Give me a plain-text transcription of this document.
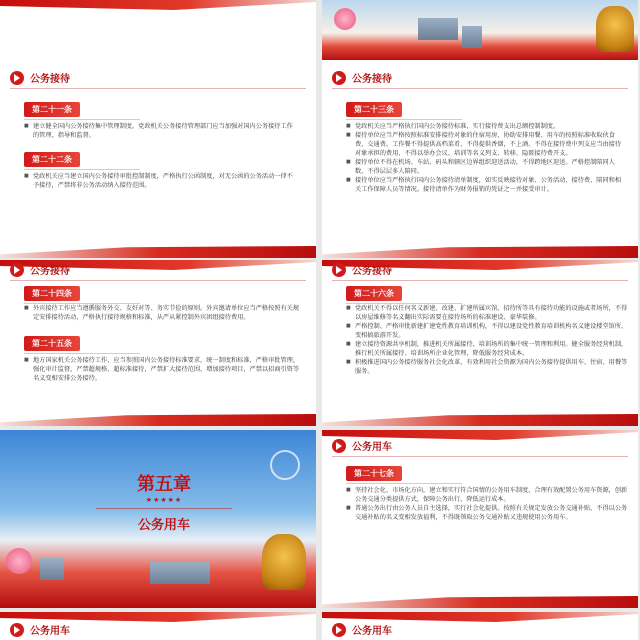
公务接待
第二十一条
■ 建立健全国内公务接待集中管理制度。党政机关公务接待管理部门应当加强对国内公务接待工作的管理、指导和监督。
第二十二条
■ 党政机关应当建立国内公务接待审批控制制度，严格执行公函制度，对无公函的公务活动一律不予接待，严禁将非公务活动纳入接待范围。
公务接待
第二十三条
■ 党政机关应当严格执行国内公务接待标准，实行接待费支出总额控制制度。
■ 接待单位应当严格按照标准安排接待对象的住宿用房，协助安排用餐、用车的按照标准收取伙食费、交通费。工作餐不得提供高档菜肴，不得提供香烟，不上酒。不得在接待费中列支应当由接待对象承担的费用，不得以举办会议、培训等名义列支、转移、隐匿接待费开支。
■ 接待单位不得在机场、车站、码头和辖区边界组织迎送活动，不得跨地区迎送。严格控制陪同人数，不得层层多人陪同。
■ 接待单位应当严格执行国内公务接待清单制度，如实反映接待对象、公务活动、接待费、陪同和相关工作保障人员等情况。接待清单作为财务报销的凭证之一并接受审计。
公务接待
第二十四条
■ 外宾接待工作应当遵循服务外交、友好对等、务实节俭的原则。外宾邀请单位应当严格按照有关规定安排接待活动，严格执行接待规格和标准，从严从紧控制外宾团组接待费用。
第二十五条
■ 地方国家机关公务接待工作，应当参照国内公务接待标准要求，统一制度和标准，严格审批管理，强化审计监督，严禁超规格、超标准接待，严禁扩大接待范围、增加接待项目，严禁以招商引资等名义变相安排公务接待。
公务接待
第二十六条
■ 党政机关不得以任何名义新建、改建、扩建所属宾馆、招待所等具有接待功能的设施或者场所，不得以房屋维修等名义翻出实际需要在接待场所的标准建设、豪华装修。
■ 严格控制、严格审批新建扩建党性教育培训机构，不得以建设党性教育培训机构名义建设楼堂馆所、变相搞旅游开发。
■ 建立接待资源共享机制，推进机关所属接待、培训场所的集中统一管理和利用。健全服务经营机制，推行机关所属接待、培训场所企业化管理，降低服务经营成本。
■ 积极推进国内公务接待服务社会化改革，有效利用社会资源为国内公务接待提供用车、住宿、用餐等服务。
第五章
★★★★★
公务用车
公务用车
第二十七条
■ 坚持社会化、市场化方向，建立和实行符合国情的公务用车制度，合理有效配置公务用车资源，创新公务交通分类提供方式，保障公务出行，降低运行成本。
■ 普通公务出行由公务人员自主选择，实行社会化提供。按照有关规定发放公务交通补贴，不得以公务交通补贴的名义变相发放福利，不得既领取公务交通补贴又违规使用公务用车。
公务用车	公务用车
